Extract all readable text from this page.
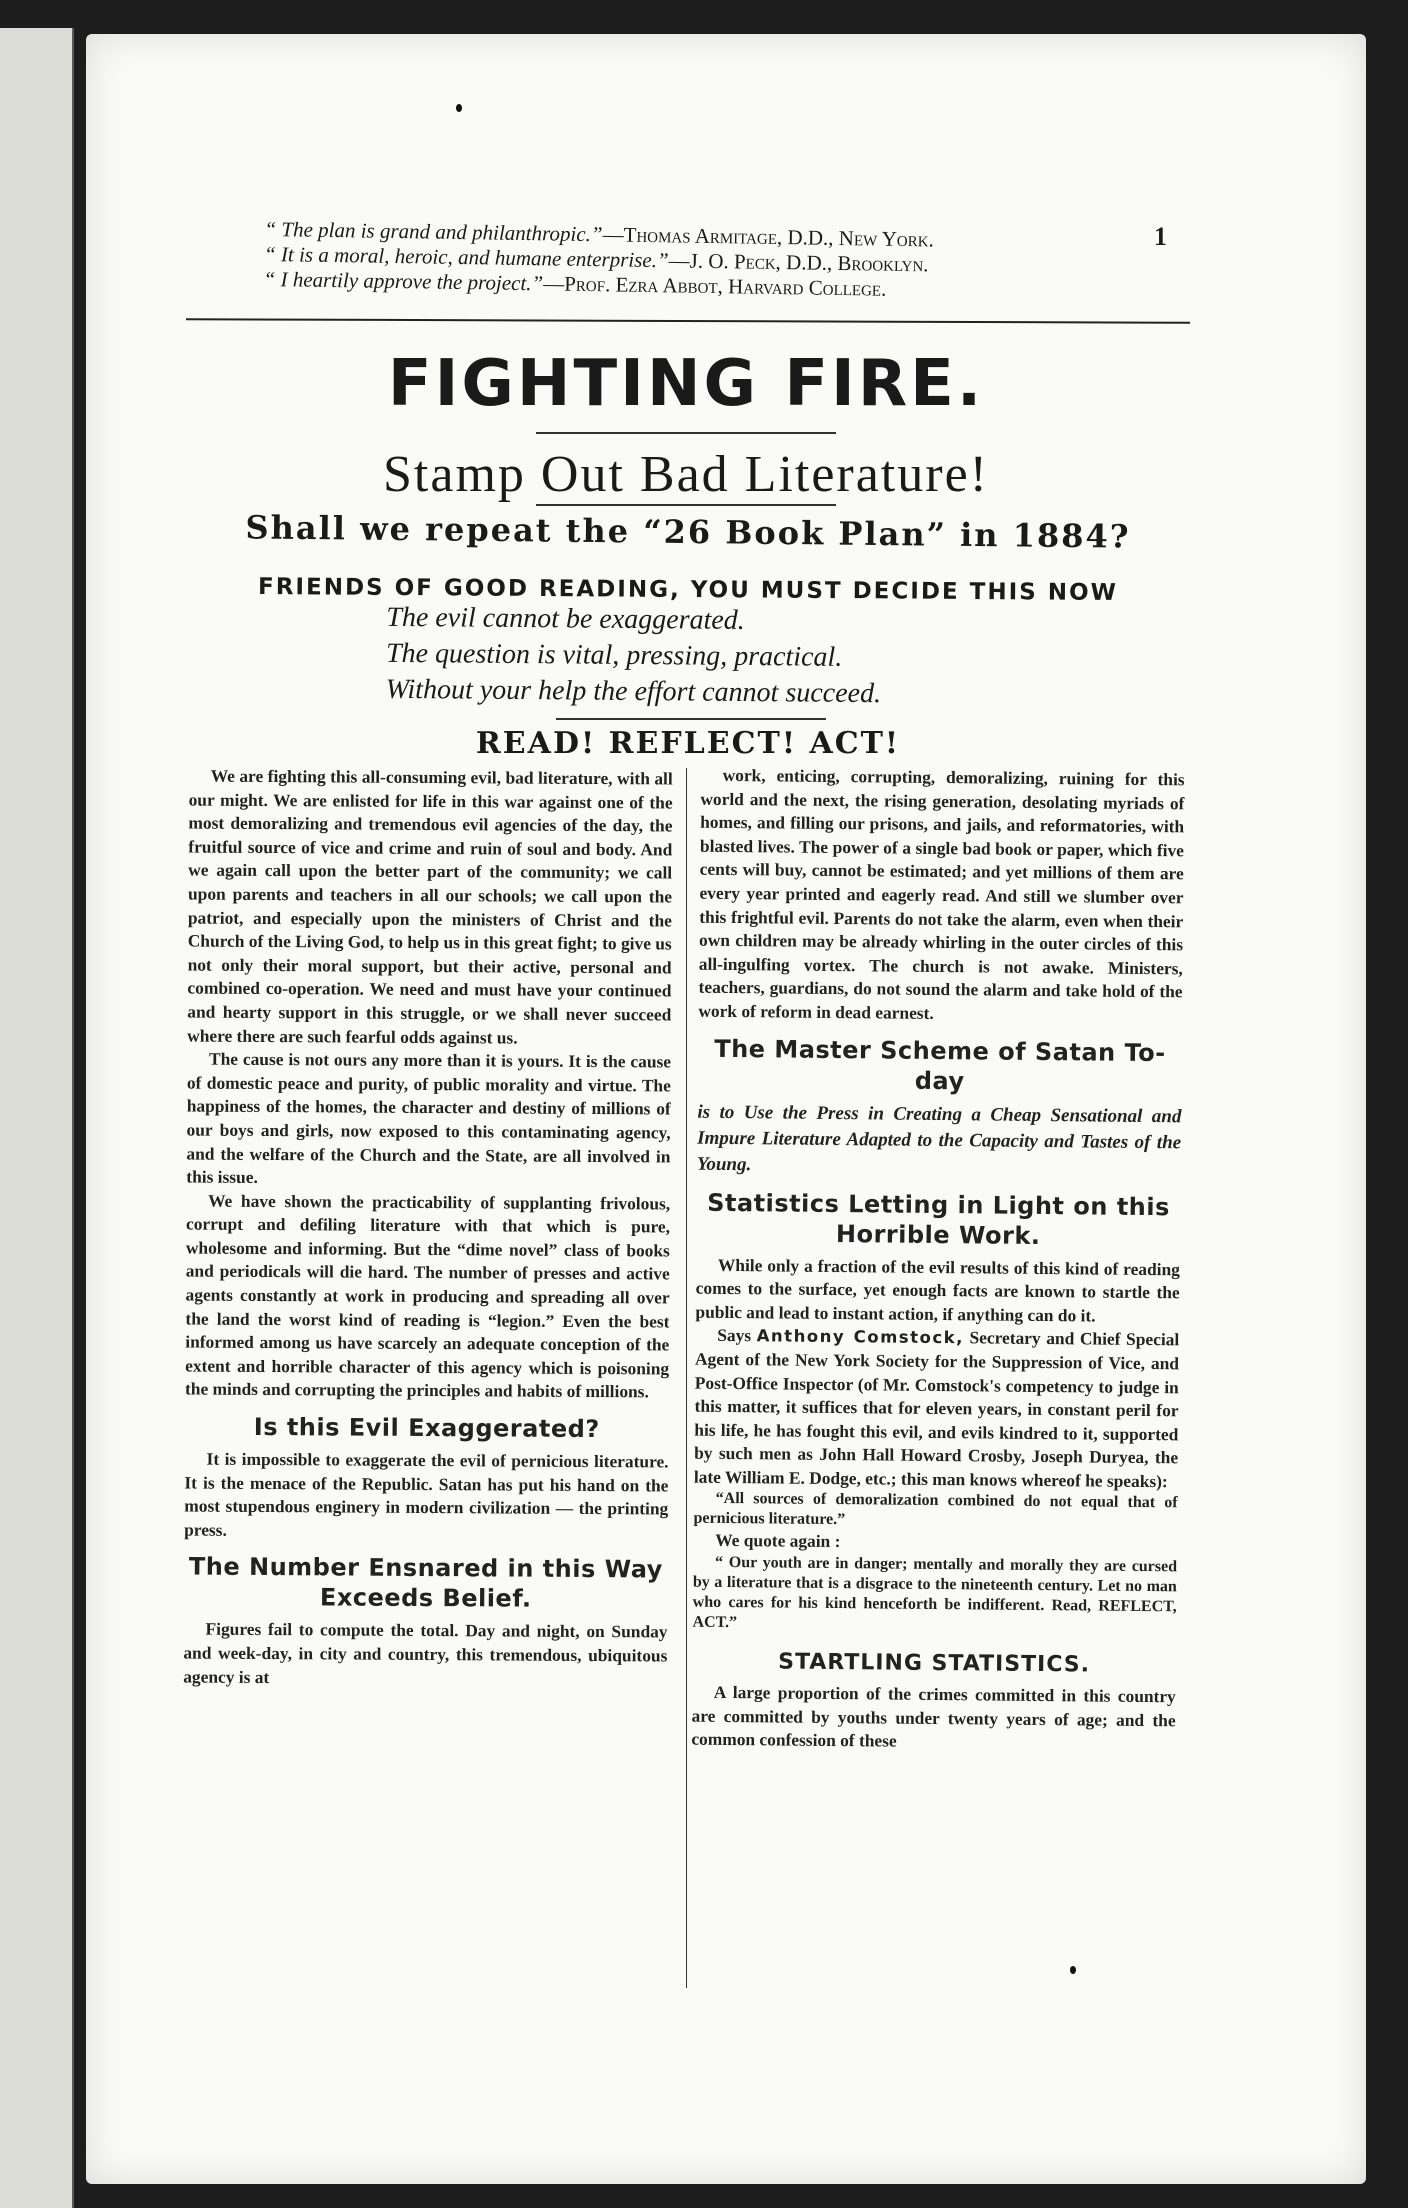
1
“ The plan is grand and philanthropic.”—Thomas Armitage, D.D., New York.
“ It is a moral, heroic, and humane enterprise.”—J. O. Peck, D.D., Brooklyn.
“ I heartily approve the project.”—Prof. Ezra Abbot, Harvard College.
FIGHTING FIRE.
Stamp Out Bad Literature!
Shall we repeat the “26 Book Plan” in 1884?
FRIENDS OF GOOD READING, YOU MUST DECIDE THIS NOW
The evil cannot be exaggerated.
The question is vital, pressing, practical.
Without your help the effort cannot succeed.
READ! REFLECT! ACT!

We are fighting this all-consuming evil, bad literature, with all our might. We are enlisted for life in this war against one of the most demoralizing and tremendous evil agencies of the day, the fruitful source of vice and crime and ruin of soul and body. And we again call upon the better part of the community; we call upon parents and teachers in all our schools; we call upon the patriot, and especially upon the ministers of Christ and the Church of the Living God, to help us in this great fight; to give us not only their moral support, but their active, personal and combined co-operation. We need and must have your continued and hearty support in this struggle, or we shall never succeed where there are such fearful odds against us.

The cause is not ours any more than it is yours. It is the cause of domestic peace and purity, of public morality and virtue. The happiness of the homes, the character and destiny of millions of our boys and girls, now exposed to this contaminating agency, and the welfare of the Church and the State, are all involved in this issue.

We have shown the practicability of supplanting frivolous, corrupt and defiling literature with that which is pure, wholesome and informing. But the “dime novel” class of books and periodicals will die hard. The number of presses and active agents constantly at work in producing and spreading all over the land the worst kind of reading is “legion.” Even the best informed among us have scarcely an adequate conception of the extent and horrible character of this agency which is poisoning the minds and corrupting the principles and habits of millions.

Is this Evil Exaggerated?

It is impossible to exaggerate the evil of pernicious literature. It is the menace of the Republic. Satan has put his hand on the most stupendous enginery in modern civilization — the printing press.

The Number Ensnared in this Way Exceeds Belief.

Figures fail to compute the total. Day and night, on Sunday and week-day, in city and country, this tremendous, ubiquitous agency is at

work, enticing, corrupting, demoralizing, ruining for this world and the next, the rising generation, desolating myriads of homes, and filling our prisons, and jails, and reformatories, with blasted lives. The power of a single bad book or paper, which five cents will buy, cannot be estimated; and yet millions of them are every year printed and eagerly read. And still we slumber over this frightful evil. Parents do not take the alarm, even when their own children may be already whirling in the outer circles of this all-ingulfing vortex. The church is not awake. Ministers, teachers, guardians, do not sound the alarm and take hold of the work of reform in dead earnest.

The Master Scheme of Satan To-day

is to Use the Press in Creating a Cheap Sensational and Impure Literature Adapted to the Capacity and Tastes of the Young.

Statistics Letting in Light on this Horrible Work.

While only a fraction of the evil results of this kind of reading comes to the surface, yet enough facts are known to startle the public and lead to instant action, if anything can do it.

Says Anthony Comstock, Secretary and Chief Special Agent of the New York Society for the Suppression of Vice, and Post-Office Inspector (of Mr. Comstock's competency to judge in this matter, it suffices that for eleven years, in constant peril for his life, he has fought this evil, and evils kindred to it, supported by such men as John Hall Howard Crosby, Joseph Duryea, the late William E. Dodge, etc.; this man knows whereof he speaks):

“All sources of demoralization combined do not equal that of pernicious literature.”

We quote again :

“ Our youth are in danger; mentally and morally they are cursed by a literature that is a disgrace to the nineteenth century. Let no man who cares for his kind henceforth be indifferent. Read, REFLECT, ACT.”

STARTLING STATISTICS.

A large proportion of the crimes committed in this country are committed by youths under twenty years of age; and the common confession of these
